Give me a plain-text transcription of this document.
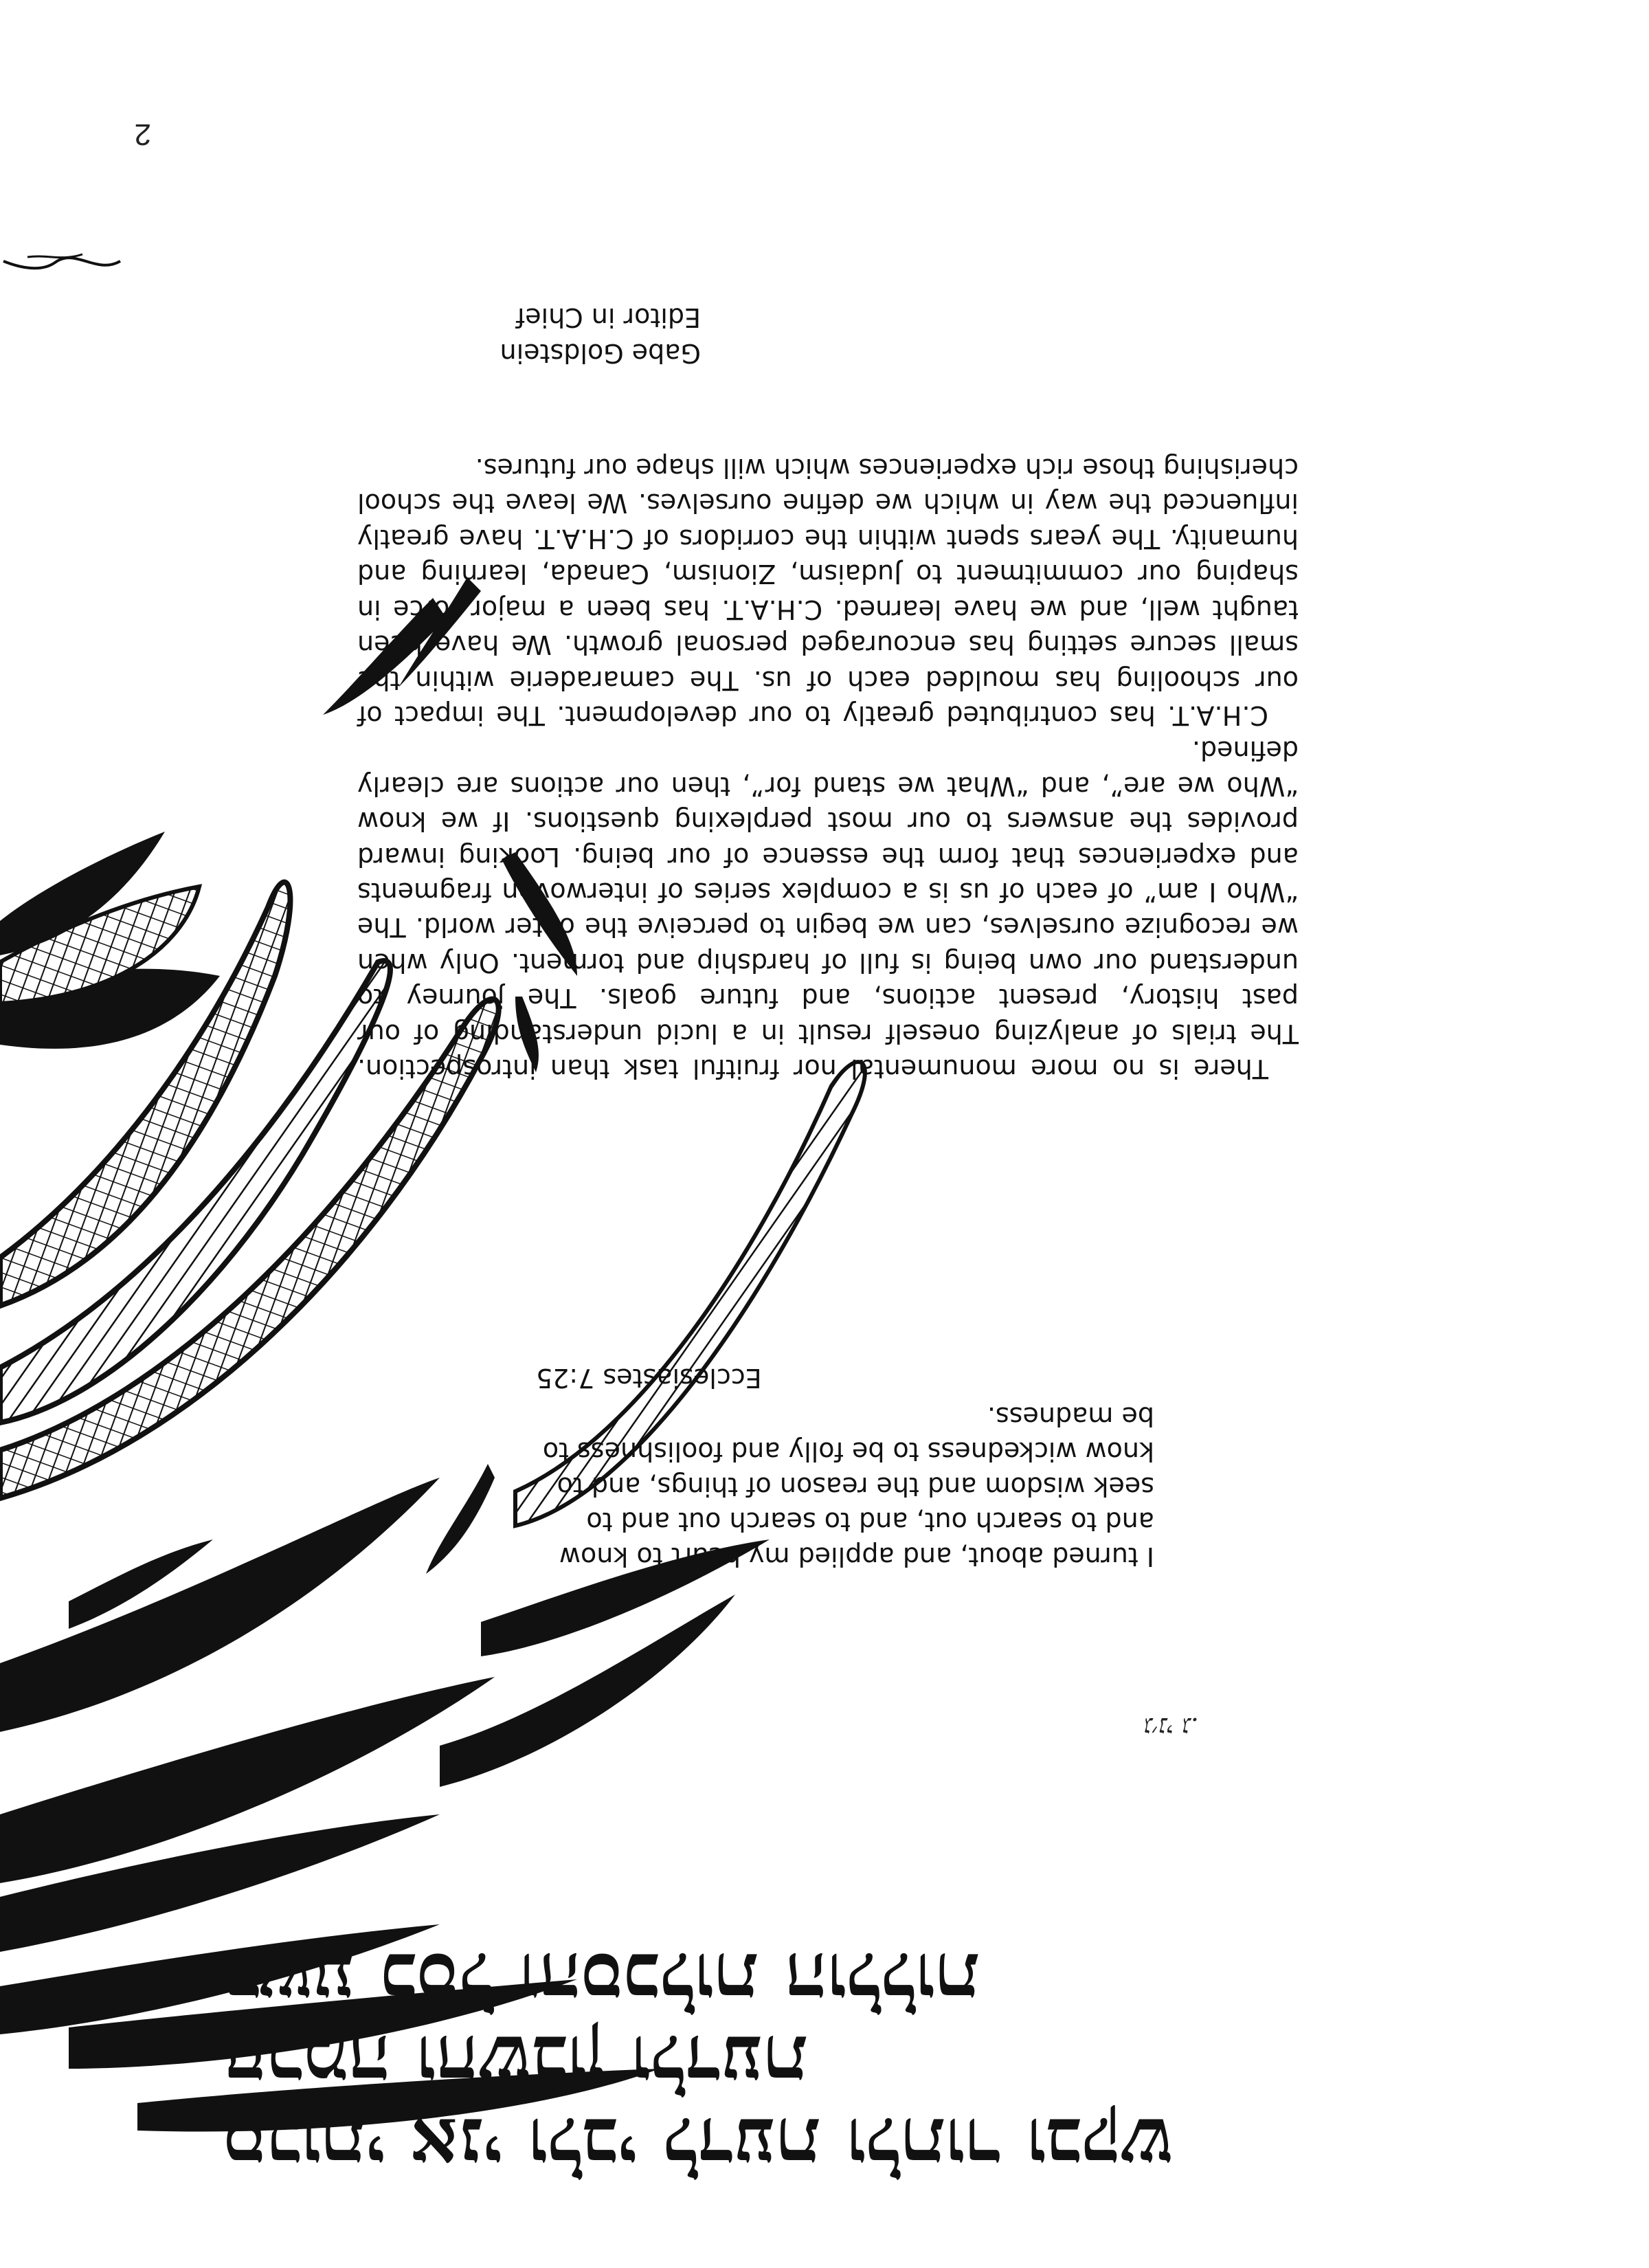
2

There is no more monumental nor fruitful task than introspection. The trials of analyzing oneself result in a lucid understanding of our past history, present actions, and future goals. The journey to understand our own being is full of hardship and torment. Only when we recognize ourselves, can we begin to perceive the outer world. The “Who I am” of each of us is a complex series of interwoven fragments and experiences that form the essence of our being. Looking inward provides the answers to our most perplexing questions. If we know “Who we are”, and “What we stand for”, then our actions are clearly defined.

C.H.A.T. has contributed greatly to our development. The impact of our schooling has moulded each of us. The camaraderie within the small secure setting has encouraged personal growth. We have been taught well, and we have learned. C.H.A.T. has been a major force in shaping our commitment to Judaism, Zionism, Canada, learning and humanity. The years spent within the corridors of C.H.A.T. have greatly influenced the way in which we define ourselves. We leave the school cherishing those rich experiences which will shape our futures.

Gabe Goldstein
Editor in Chief
I turned about, and applied my heart to know and to search out, and to search out and to seek wisdom and the reason of things, and to know wickedness to be folly and foolishness to be madness.
Ecclesiastes 7:25
סבותי אני ולבי לדעת ולתור ובקש
חכמה וחשבון ולדעת
רשע כסל והסכלות הוללות
ג׳ני ג.
